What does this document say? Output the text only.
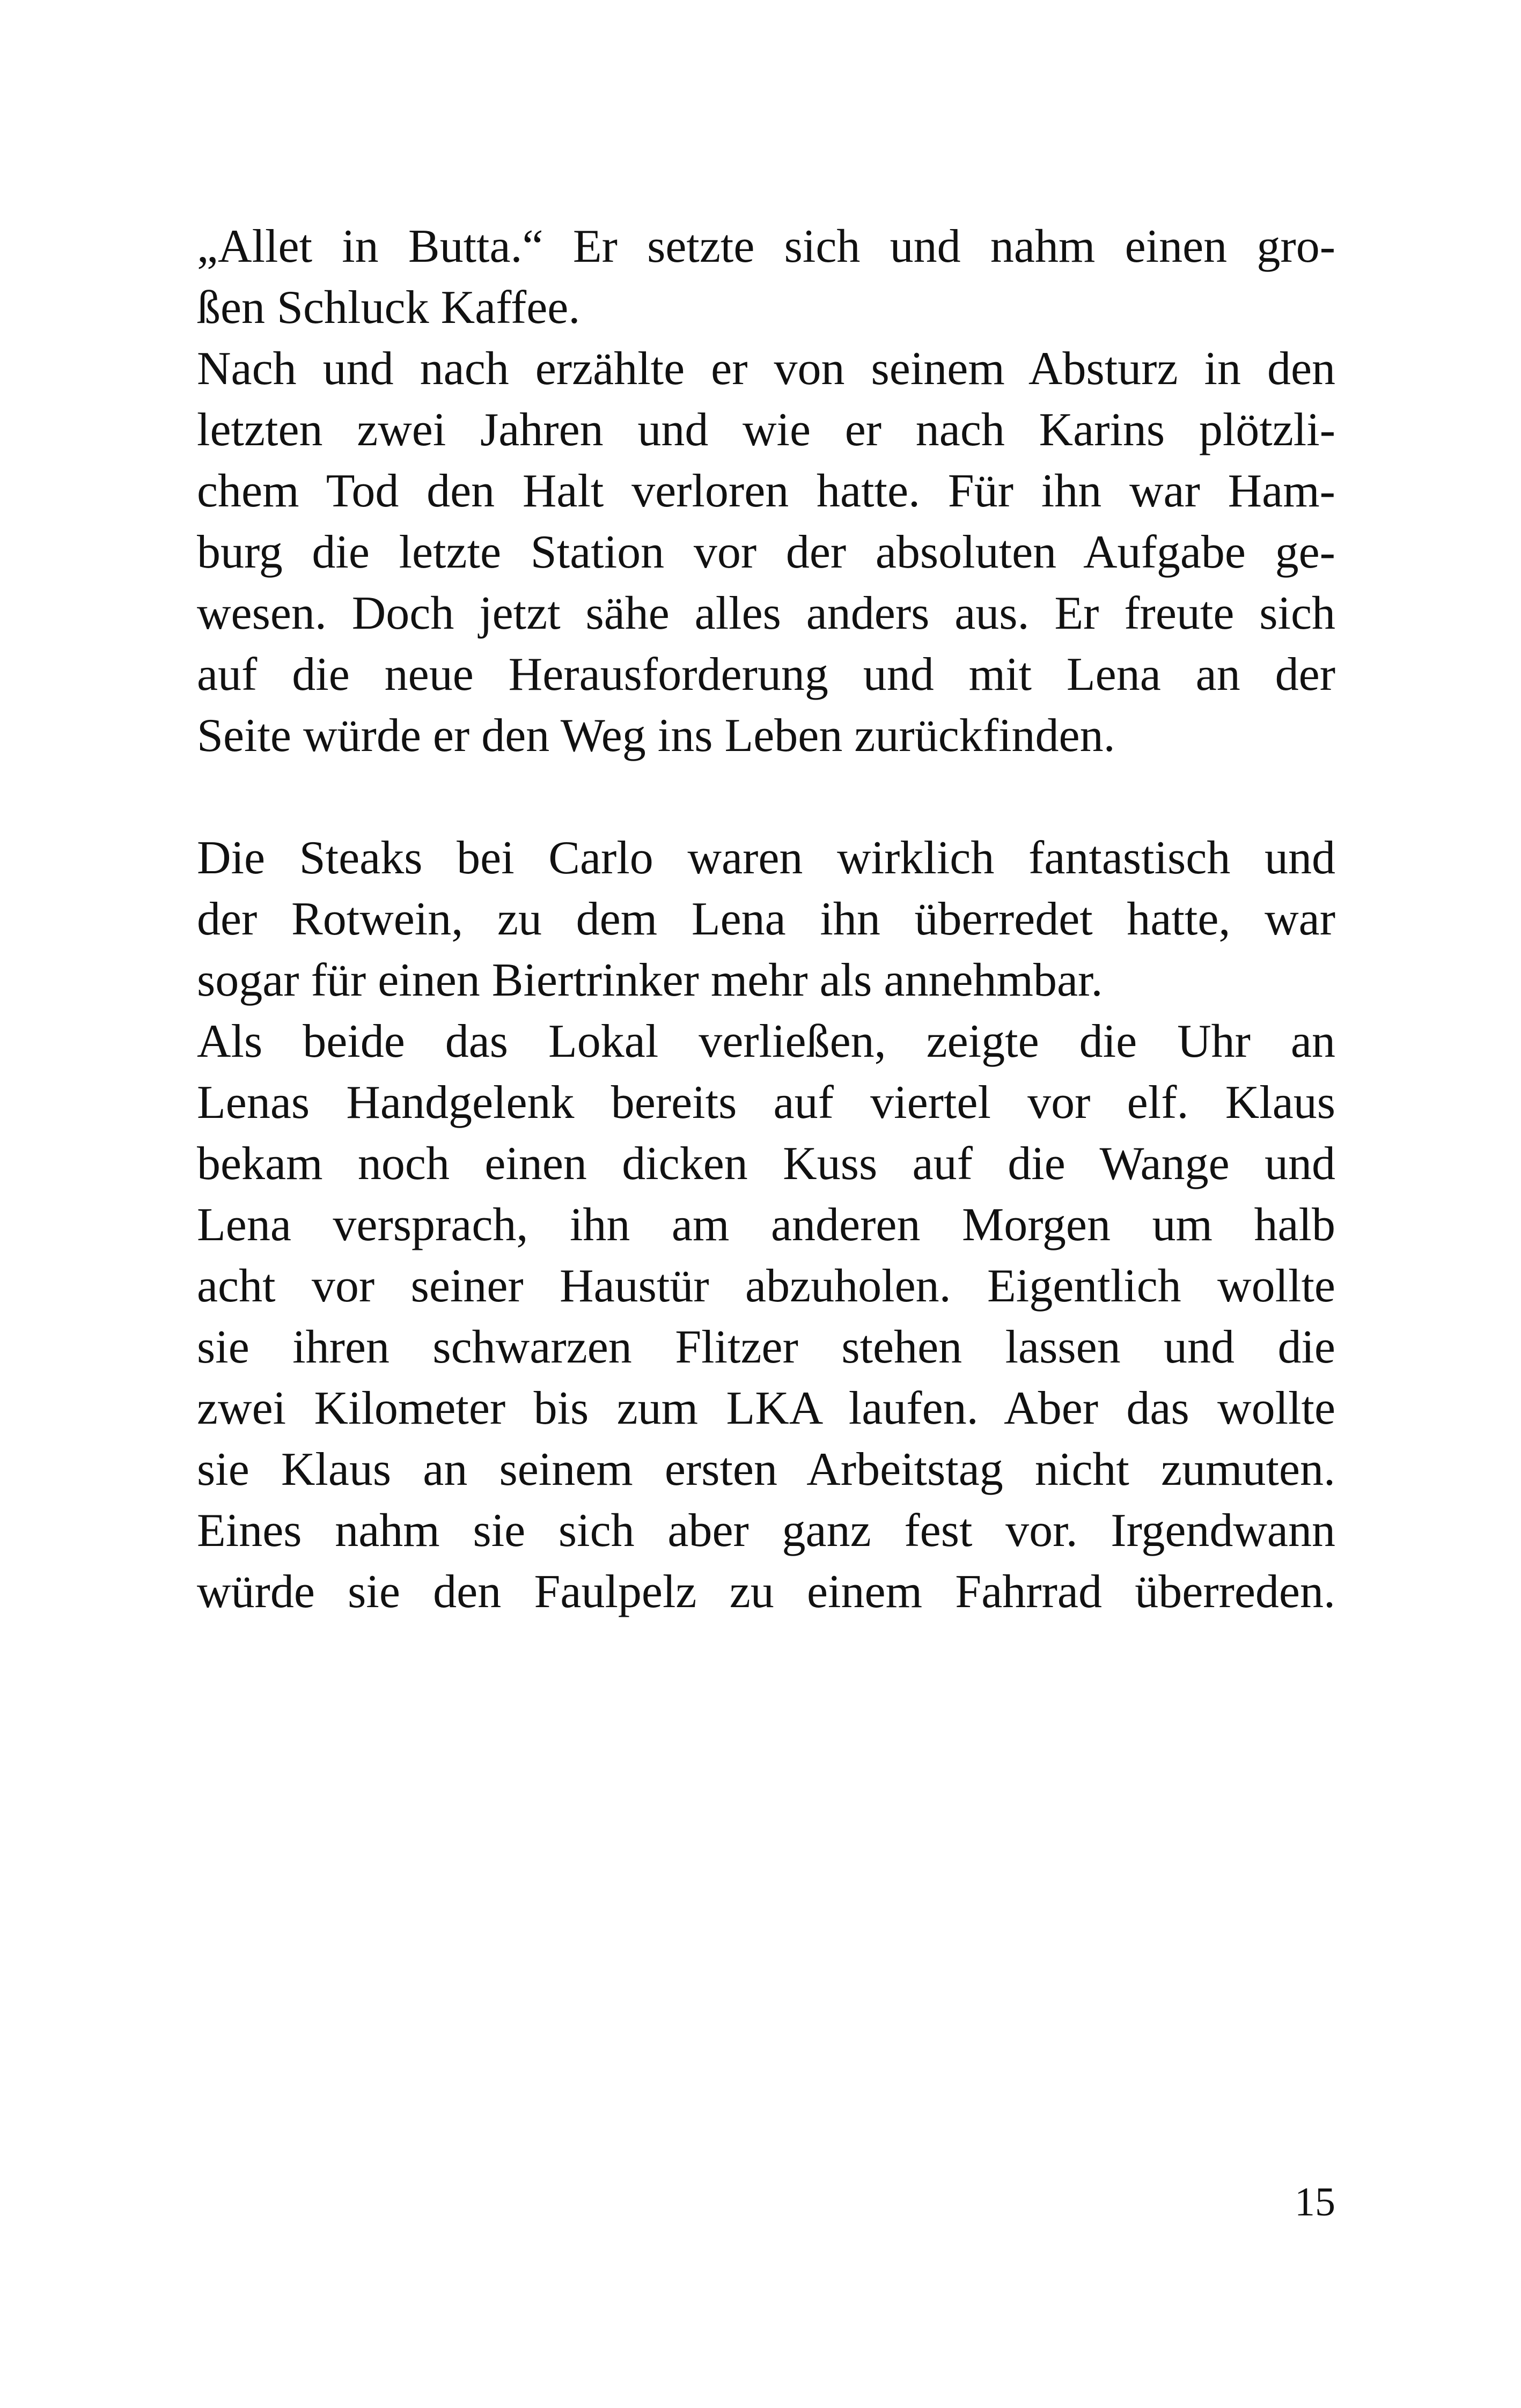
„Allet in Butta.“ Er setzte sich und nahm einen gro-
ßen Schluck Kaffee.
Nach und nach erzählte er von seinem Absturz in den
letzten zwei Jahren und wie er nach Karins plötzli-
chem Tod den Halt verloren hatte. Für ihn war Ham-
burg die letzte Station vor der absoluten Aufgabe ge-
wesen. Doch jetzt sähe alles anders aus. Er freute sich
auf die neue Herausforderung und mit Lena an der
Seite würde er den Weg ins Leben zurückfinden.
Die Steaks bei Carlo waren wirklich fantastisch und
der Rotwein, zu dem Lena ihn überredet hatte, war
sogar für einen Biertrinker mehr als annehmbar.
Als beide das Lokal verließen, zeigte die Uhr an
Lenas Handgelenk bereits auf viertel vor elf. Klaus
bekam noch einen dicken Kuss auf die Wange und
Lena versprach, ihn am anderen Morgen um halb
acht vor seiner Haustür abzuholen. Eigentlich wollte
sie ihren schwarzen Flitzer stehen lassen und die
zwei Kilometer bis zum LKA laufen. Aber das wollte
sie Klaus an seinem ersten Arbeitstag nicht zumuten.
Eines nahm sie sich aber ganz fest vor. Irgendwann
würde sie den Faulpelz zu einem Fahrrad überreden.
15
